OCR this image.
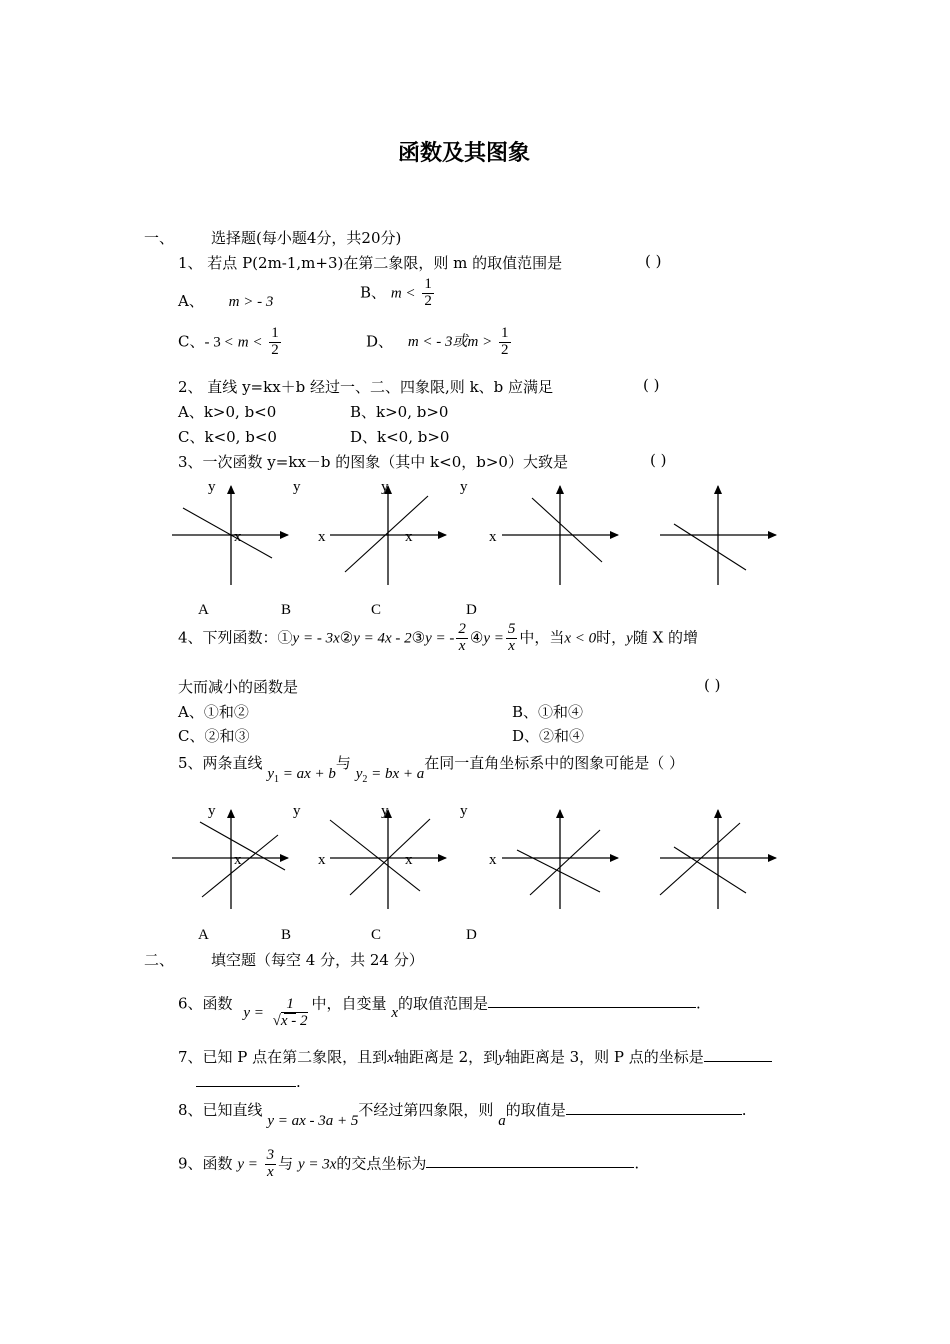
函数及其图象
一、 选择题(每小题4分，共20分)
1、 若点 P(2m-1,m+3)在第二象限，则 m 的取值范围是	( )
A、 m > - 3
B、 $m < \frac{1}{2}$
C、- $3 < m < \frac{1}{2}$	D、 m < - 3或$m > \frac{1}{2}$
2、 直线 y=kx＋b 经过一、二、四象限,则 k、b 应满足	( )
A、k>0, b<0	B、k>0, b>0
C、k<0, b<0	D、k<0, b>0
3、一次函数 y=kx－b 的图象（其中 k<0，b>0）大致是	( )
y
x
y
x
y
x
y
x
A	B	C	D
4、下列函数：①y = - 3x②y = 4x - 2③y = - $\frac{2}{x}$ ④y = $\frac{5}{x}$ 中，当x < 0时，y随 X 的增
大而减小的函数是	( )
A、①和②	B、①和④
C、②和③	D、②和④
5、两条直线 $y_1$ = ax + b与 $y_2$ = bx + a在同一直角坐标系中的图象可能是（ ）
y
x
y
x
y
x
y
x
A	B	C	D
二、 填空题（每空 4 分，共 24 分）
6、函数 $y = \frac{1}{√x - 2}$ 中，自变量 x的取值范围是	.
7、已知 P 点在第二象限，且到x轴距离是 2，到y轴距离是 3，则 P 点的坐标是
.
8、已知直线 y = ax - 3a + 5不经过第四象限，则 a的取值是	.
9、函数 $y = \frac{3}{x}$ 与 y = 3x的交点坐标为	.
